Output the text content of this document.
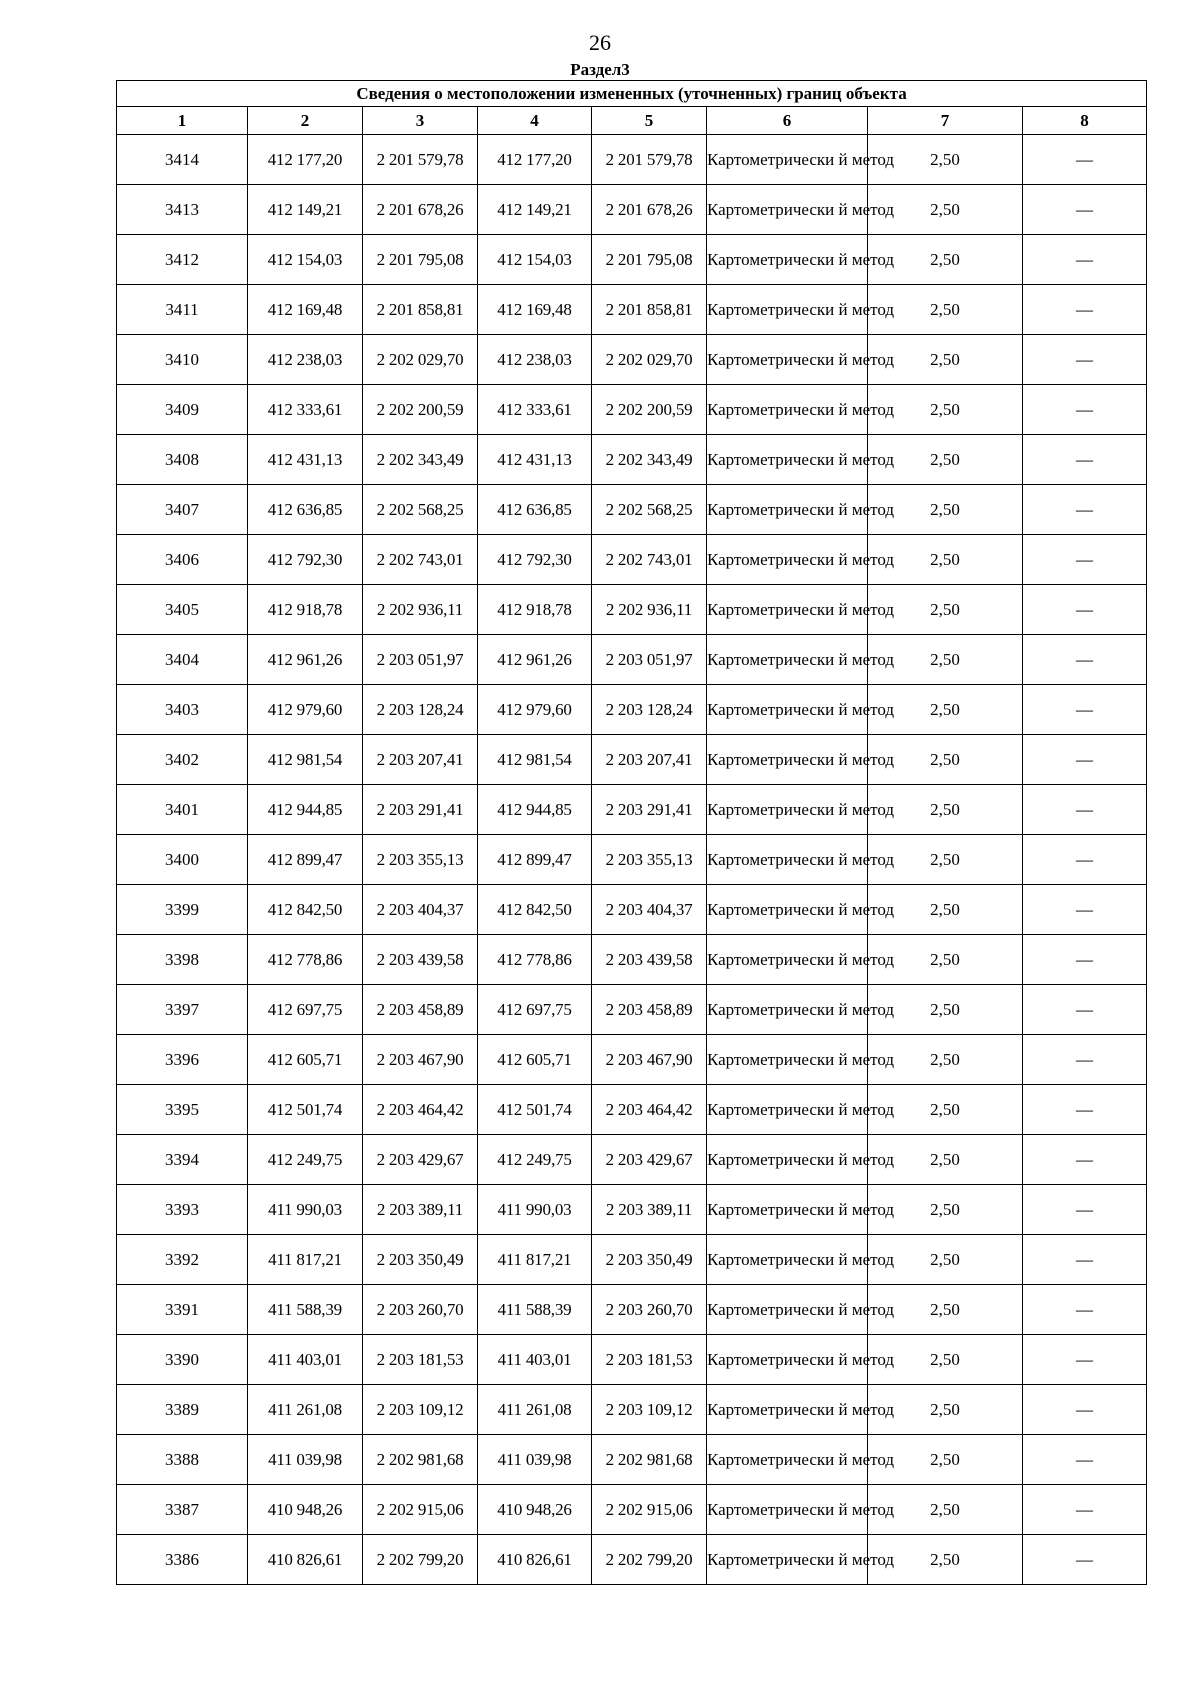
26
Раздел3
Сведения о местоположении измененных (уточненных) границ объекта							
1	2	3	4	5	6	7	8
3414	412 177,20	2 201 579,78	412 177,20	2 201 579,78	Картометрически й метод	2,50	—
3413	412 149,21	2 201 678,26	412 149,21	2 201 678,26	Картометрически й метод	2,50	—
3412	412 154,03	2 201 795,08	412 154,03	2 201 795,08	Картометрически й метод	2,50	—
3411	412 169,48	2 201 858,81	412 169,48	2 201 858,81	Картометрически й метод	2,50	—
3410	412 238,03	2 202 029,70	412 238,03	2 202 029,70	Картометрически й метод	2,50	—
3409	412 333,61	2 202 200,59	412 333,61	2 202 200,59	Картометрически й метод	2,50	—
3408	412 431,13	2 202 343,49	412 431,13	2 202 343,49	Картометрически й метод	2,50	—
3407	412 636,85	2 202 568,25	412 636,85	2 202 568,25	Картометрически й метод	2,50	—
3406	412 792,30	2 202 743,01	412 792,30	2 202 743,01	Картометрически й метод	2,50	—
3405	412 918,78	2 202 936,11	412 918,78	2 202 936,11	Картометрически й метод	2,50	—
3404	412 961,26	2 203 051,97	412 961,26	2 203 051,97	Картометрически й метод	2,50	—
3403	412 979,60	2 203 128,24	412 979,60	2 203 128,24	Картометрически й метод	2,50	—
3402	412 981,54	2 203 207,41	412 981,54	2 203 207,41	Картометрически й метод	2,50	—
3401	412 944,85	2 203 291,41	412 944,85	2 203 291,41	Картометрически й метод	2,50	—
3400	412 899,47	2 203 355,13	412 899,47	2 203 355,13	Картометрически й метод	2,50	—
3399	412 842,50	2 203 404,37	412 842,50	2 203 404,37	Картометрически й метод	2,50	—
3398	412 778,86	2 203 439,58	412 778,86	2 203 439,58	Картометрически й метод	2,50	—
3397	412 697,75	2 203 458,89	412 697,75	2 203 458,89	Картометрически й метод	2,50	—
3396	412 605,71	2 203 467,90	412 605,71	2 203 467,90	Картометрически й метод	2,50	—
3395	412 501,74	2 203 464,42	412 501,74	2 203 464,42	Картометрически й метод	2,50	—
3394	412 249,75	2 203 429,67	412 249,75	2 203 429,67	Картометрически й метод	2,50	—
3393	411 990,03	2 203 389,11	411 990,03	2 203 389,11	Картометрически й метод	2,50	—
3392	411 817,21	2 203 350,49	411 817,21	2 203 350,49	Картометрически й метод	2,50	—
3391	411 588,39	2 203 260,70	411 588,39	2 203 260,70	Картометрически й метод	2,50	—
3390	411 403,01	2 203 181,53	411 403,01	2 203 181,53	Картометрически й метод	2,50	—
3389	411 261,08	2 203 109,12	411 261,08	2 203 109,12	Картометрически й метод	2,50	—
3388	411 039,98	2 202 981,68	411 039,98	2 202 981,68	Картометрически й метод	2,50	—
3387	410 948,26	2 202 915,06	410 948,26	2 202 915,06	Картометрически й метод	2,50	—
3386	410 826,61	2 202 799,20	410 826,61	2 202 799,20	Картометрически й метод	2,50	—
